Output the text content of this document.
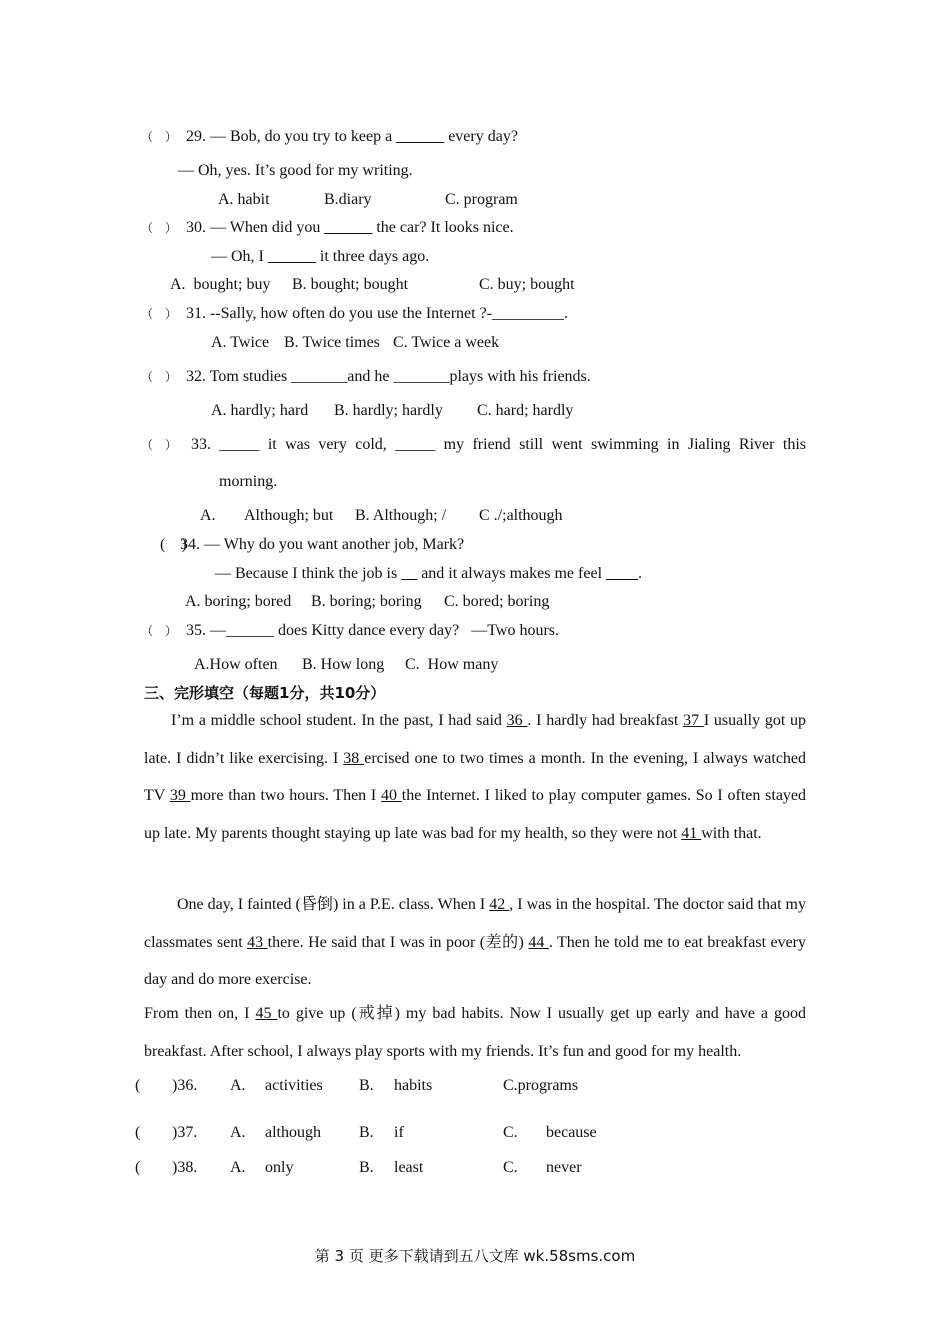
（　） 29. — Bob, do you try to keep a ______ every day?
— Oh, yes. It’s good for my writing.
A. habit	B.diary	C. program
（　） 30. — When did you ______ the car? It looks nice.
— Oh, I ______ it three days ago.
A.  bought; buy B. bought; bought	C. buy; bought
（　） 31. --Sally, how often do you use the Internet ?-_________.
A. Twice B. Twice times C. Twice a week
（　） 32. Tom studies _______and he _______plays with his friends.
A. hardly; hard B. hardly; hardly C. hard; hardly
（　） 33. _____ it was very cold, _____ my friend still went swimming in Jialing River this
morning.
A. Although; but B. Although; / C ./;although
(　)
34. — Why do you want another job, Mark?
— Because I think the job is __ and it always makes me feel ____.
A. boring; bored B. boring; boring C. bored; boring
（　） 35. —______ does Kitty dance every day?   —Two hours.
A.How often B. How long C.  How many
三、完形填空（每题1分，共10分）
I’m a middle school student. In the past, I had said 36 . I hardly had breakfast 37 I usually got up late. I didn’t like exercising. I 38 ercised one to two times a month. In the evening, I always watched TV 39 more than two hours. Then I 40 the Internet. I liked to play computer games. So I often stayed up late. My parents thought staying up late was bad for my health, so they were not 41 with that.
One day, I fainted (昏倒) in a P.E. class. When I 42 , I was in the hospital. The doctor said that my classmates sent 43 there. He said that I was in poor (差的) 44 . Then he told me to eat breakfast every day and do more exercise.
From then on, I 45 to give up (戒掉) my bad habits. Now I usually get up early and have a good breakfast. After school, I always play sports with my friends. It’s fun and good for my health.
( )36. A. activities B. habits	C.programs
( )37. A. although B. if	C. because
( )38. A. only	B. least	C. never
第 3 页 更多下载请到五八文库 wk.58sms.com
